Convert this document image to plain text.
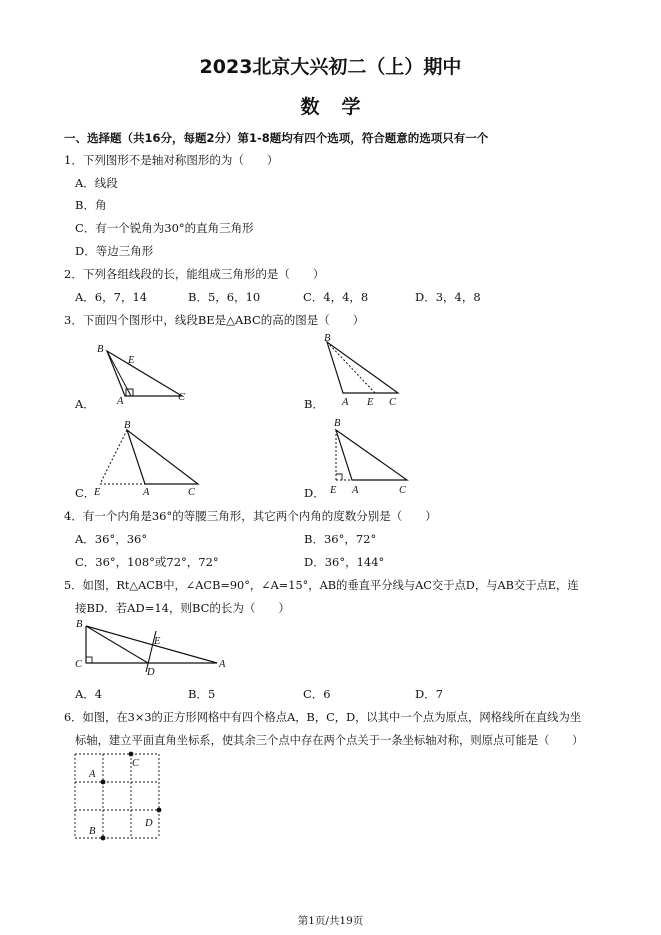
2023北京大兴初二（上）期中
数学
一、选择题（共16分，每题2分）第1-8题均有四个选项，符合题意的选项只有一个
1．下列图形不是轴对称图形的为（　　）
A．线段
B．角
C．有一个锐角为30°的直角三角形
D．等边三角形
2．下列各组线段的长，能组成三角形的是（　　）
A．6，7，14	B．5，6，10	C．4，4，8	D．3，4，8
3．下面四个图形中，线段BE是△ABC的高的图是（　　）
A．
B
E
A	C	B．
B
A E C
C．
B
E	A	C	D．
B
E A	C
4．有一个内角是36°的等腰三角形，其它两个内角的度数分别是（　　）
A．36°，36°	B．36°，72°
C．36°，108°或72°，72°	D．36°，144°
5．如图，Rt△ACB中，∠ACB=90°，∠A=15°，AB的垂直平分线与AC交于点D，与AB交于点E，连
接BD．若AD=14，则BC的长为（　　）
B
C
D
E
A
A．4	B．5	C．6	D．7
6．如图，在3×3的正方形网格中有四个格点A，B，C，D，以其中一个点为原点，网格线所在直线为坐
标轴，建立平面直角坐标系，使其余三个点中存在两个点关于一条坐标轴对称，则原点可能是（　　）
A
C
D
B
第1页/共19页
